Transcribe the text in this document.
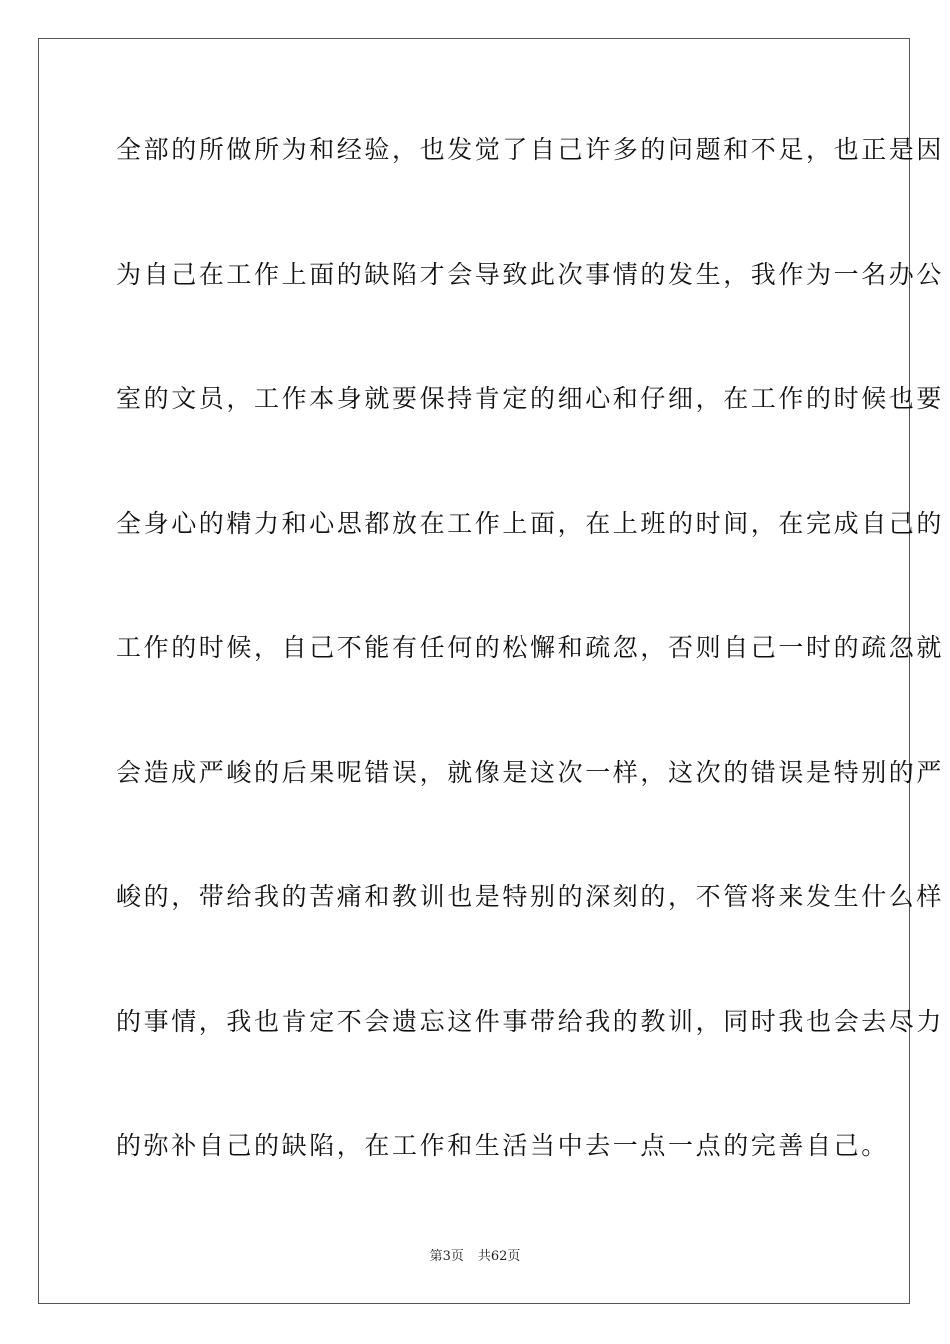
全部的所做所为和经验，也发觉了自己许多的问题和不足，也正是因
为自己在工作上面的缺陷才会导致此次事情的发生，我作为一名办公
室的文员，工作本身就要保持肯定的细心和仔细，在工作的时候也要
全身心的精力和心思都放在工作上面，在上班的时间，在完成自己的
工作的时候，自己不能有任何的松懈和疏忽，否则自己一时的疏忽就
会造成严峻的后果呢错误，就像是这次一样，这次的错误是特别的严
峻的，带给我的苦痛和教训也是特别的深刻的，不管将来发生什么样
的事情，我也肯定不会遗忘这件事带给我的教训，同时我也会去尽力
的弥补自己的缺陷，在工作和生活当中去一点一点的完善自己。
第3页 共62页
